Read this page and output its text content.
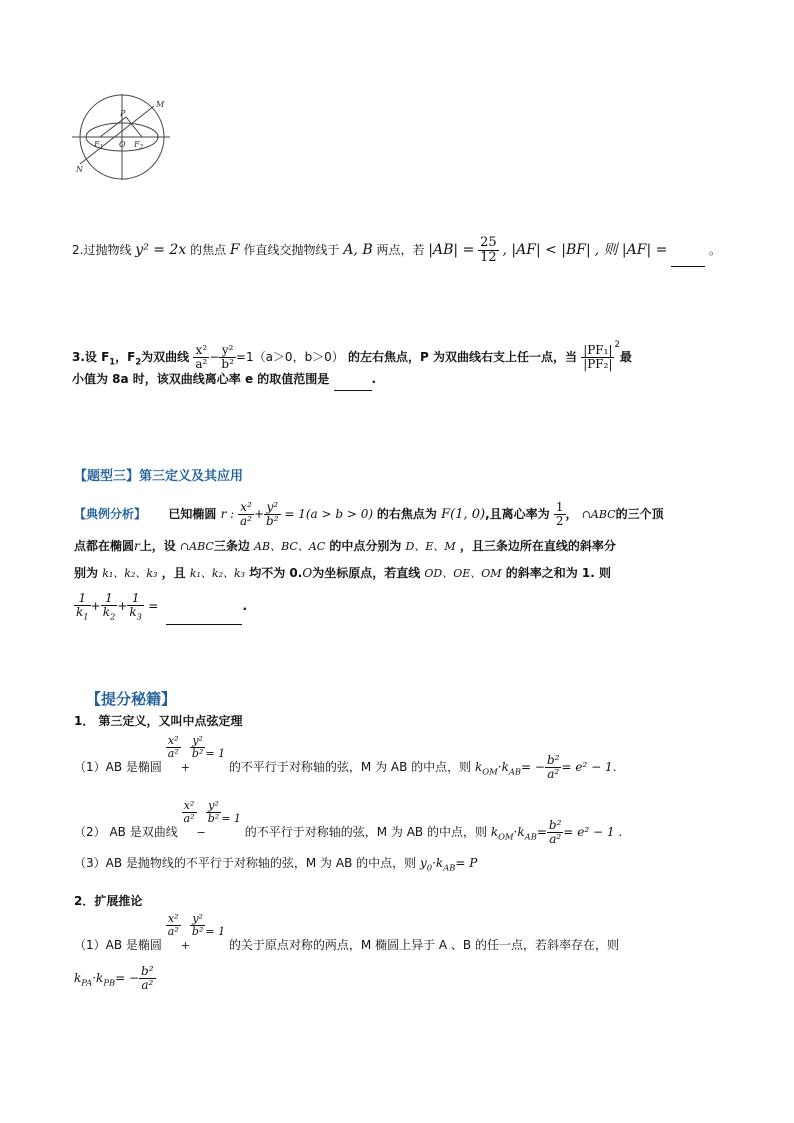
M
P
N
O
$F_1$	$F_2$
2.过抛物线 y² = 2x 的焦点 F 作直线交抛物线于 A, B 两点，若 $|AB| = \frac{25}{12}$ , |AF| < |BF| , 则 |AF| =	。
3.设 $F_1$，$F_2$为双曲线 $\frac{\text{x²}}{\text{a²}} - \frac{\text{y²}}{\text{b²}} =1(a>0$，b＞0） 的左右焦点，P 为双曲线右支上任一点，当 $\frac{\text{|PF₁|}}{\text{|PF₂|}}$
$^2$最
小值为 8a 时，该双曲线离心率 e 的取值范围是	.
【题型三】第三定义及其应用
【典例分析】 已知椭圆 r : $\frac{\text{x²}}{\text{a²}} + \frac{\text{y²}}{\text{b²}} = 1(a > b > 0)$ 的右焦点为 F(1, 0),且离心率为 $\frac{1}{2}$ ， ∩ABC的三个顶
点都在椭圆r上，设 ∩ABC三条边 AB、BC、AC 的中点分别为 D、E、M ，且三条边所在直线的斜率分
别为 k₁、k₂、k₃ ，且 k₁、k₂、k₃ 均不为 0.O为坐标原点，若直线 OD、OE、OM 的斜率之和为 1. 则
$\frac{1}{k_1} + \frac{1}{k_2} + \frac{1}{k_3}$ =	.
【提分秘籍】
1． 第三定义，又叫中点弦定理
（1）AB 是椭圆
$\frac{\text{x²}}{\text{a²}}$
+
$\frac{\text{y²}}{\text{b²}} = 1$ 的不平行于对称轴的弦，M 为 AB 的中点，则 $k_{OM}\cdot k_{AB}= - \frac{\text{b²}}{\text{a²}} = e^2 - 1$.
（2） AB 是双曲线
$\frac{\text{x²}}{\text{a²}}$
−
$\frac{\text{y²}}{\text{b²}} = 1$ 的不平行于对称轴的弦，M 为 AB 的中点，则 $k_{OM}\cdot k_{AB}= \frac{\text{b²}}{\text{a²}} = e^2 - 1$ .
（3）AB 是抛物线的不平行于对称轴的弦，M 为 AB 的中点，则 $y_0\cdot k_{AB}= P$
2．扩展推论
（1）AB 是椭圆
$\frac{\text{x²}}{\text{a²}}$
+
$\frac{\text{y²}}{\text{b²}} = 1$ 的关于原点对称的两点，M 椭圆上异于 A 、B 的任一点，若斜率存在，则
$k_{PA}\cdot k_{PB}= - \frac{\text{b²}}{\text{a²}}$
